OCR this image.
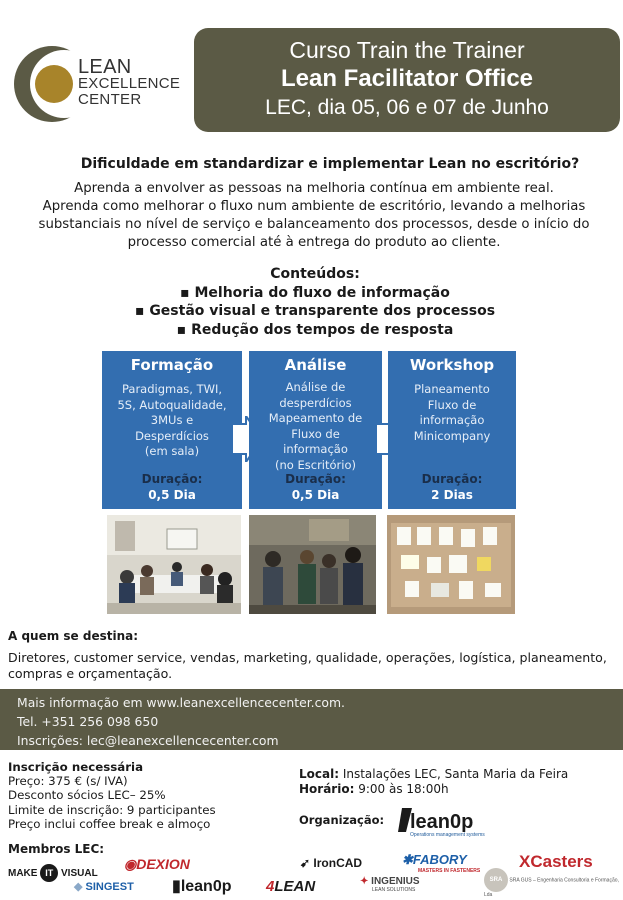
LEAN
EXCELLENCE
CENTER
Curso Train the Trainer
Lean Facilitator Office
LEC, dia 05, 06 e 07 de Junho
Dificuldade em standardizar e implementar Lean no escritório?
Aprenda a envolver as pessoas na melhoria contínua em ambiente real.
Aprenda como melhorar o fluxo num ambiente de escritório, levando a melhorias
substanciais no nível de serviço e balanceamento dos processos, desde o início do
processo comercial até à entrega do produto ao cliente.
Conteúdos:
▪ Melhoria do fluxo de informação
▪ Gestão visual e transparente dos processos
▪ Redução dos tempos de resposta
Formação
Paradigmas, TWI,
5S, Autoqualidade,
3MUs e
Desperdícios
(em sala)
Duração:
0,5 Dia
Análise
Análise de
desperdícios
Mapeamento de
Fluxo de
informação
(no Escritório)
Duração:
0,5 Dia
Workshop
Planeamento
Fluxo de
informação
Minicompany
Duração:
2 Dias
A quem se destina:
Diretores, customer service, vendas, marketing, qualidade, operações, logística, planeamento,
compras e orçamentação.
Mais informação em www.leanexcellencecenter.com.
Tel. +351 256 098 650
Inscrições: lec@leanexcellencecenter.com
Inscrição necessária
Preço: 375 € (s/ IVA)
Desconto sócios LEC– 25%
Limite de inscrição: 9 participantes
Preço inclui coffee break e almoço
Local: Instalações LEC, Santa Maria da Feira
Horário: 9:00 às 18:00h
Organização: lean0p
Operations management systems
Membros LEC:
MAKE IT VISUAL
◉DEXION
◆ SINGEST ▮lean0p 4LEAN
➹ IronCAD
✦ INGENIUS
LEAN SOLUTIONS
✱FABORY
MASTERS IN FASTENERS XCasters
SRA SRA GUS – Engenharia Consultoria e Formação, Lda
